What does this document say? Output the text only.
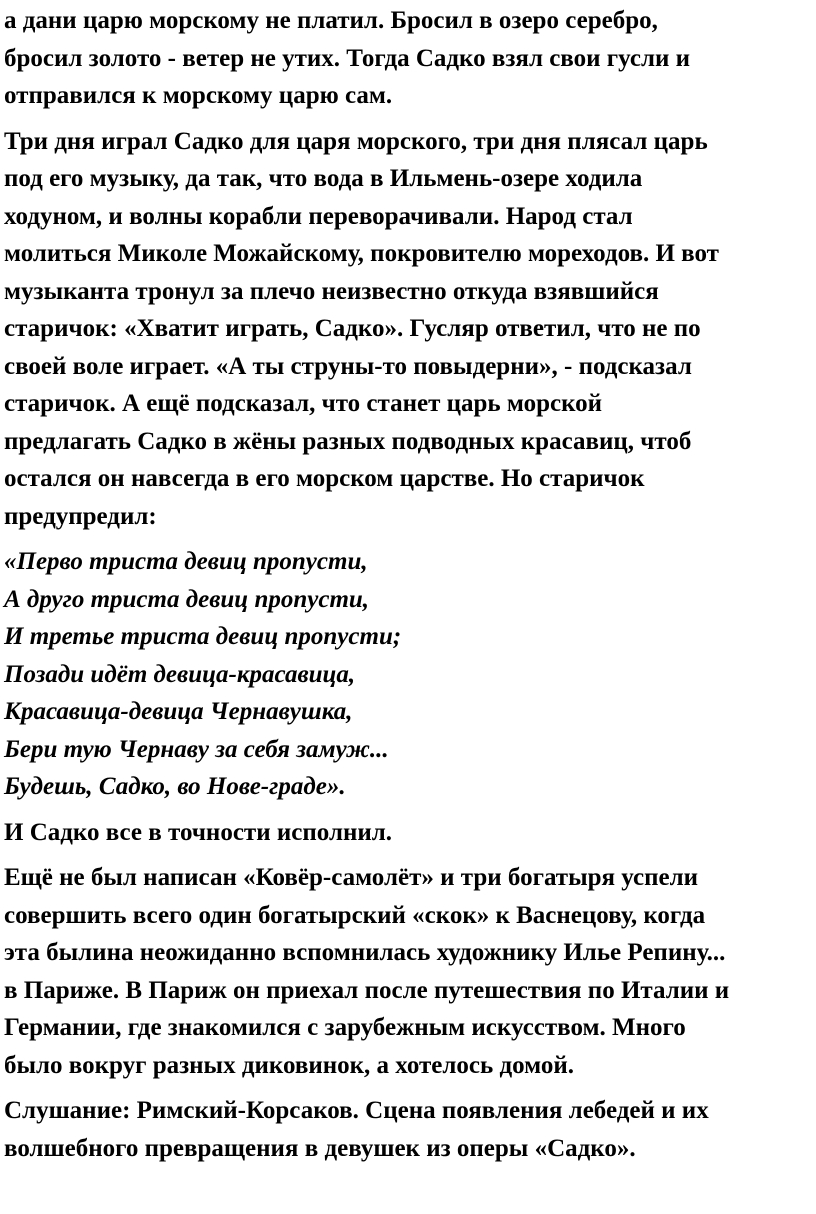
а дани царю морскому не платил. Бросил в озеро серебро,
бросил золото - ветер не утих. Тогда Садко взял свои гусли и
отправился к морскому царю сам.
Три дня играл Садко для царя морского, три дня плясал царь
под его музыку, да так, что вода в Ильмень-озере ходила
ходуном, и волны корабли переворачивали. Народ стал
молиться Миколе Можайскому, покровителю мореходов. И вот
музыканта тронул за плечо неизвестно откуда взявшийся
старичок: «Хватит играть, Садко». Гусляр ответил, что не по
своей воле играет. «А ты струны-то повыдерни», - подсказал
старичок. А ещё подсказал, что станет царь морской
предлагать Садко в жёны разных подводных красавиц, чтоб
остался он навсегда в его морском царстве. Но старичок
предупредил:
«Перво триста девиц пропусти,
А друго триста девиц пропусти,
И третье триста девиц пропусти;
Позади идёт девица-красавица,
Красавица-девица Чернавушка,
Бери тую Чернаву за себя замуж...
Будешь, Садко, во Нове-граде».
И Садко все в точности исполнил.
Ещё не был написан «Ковёр-самолёт» и три богатыря успели
совершить всего один богатырский «скок» к Васнецову, когда
эта былина неожиданно вспомнилась художнику Илье Репину...
в Париже. В Париж он приехал после путешествия по Италии и
Германии, где знакомился с зарубежным искусством. Много
было вокруг разных диковинок, а хотелось домой.
Слушание: Римский-Корсаков. Сцена появления лебедей и их
волшебного превращения в девушек из оперы «Садко».
